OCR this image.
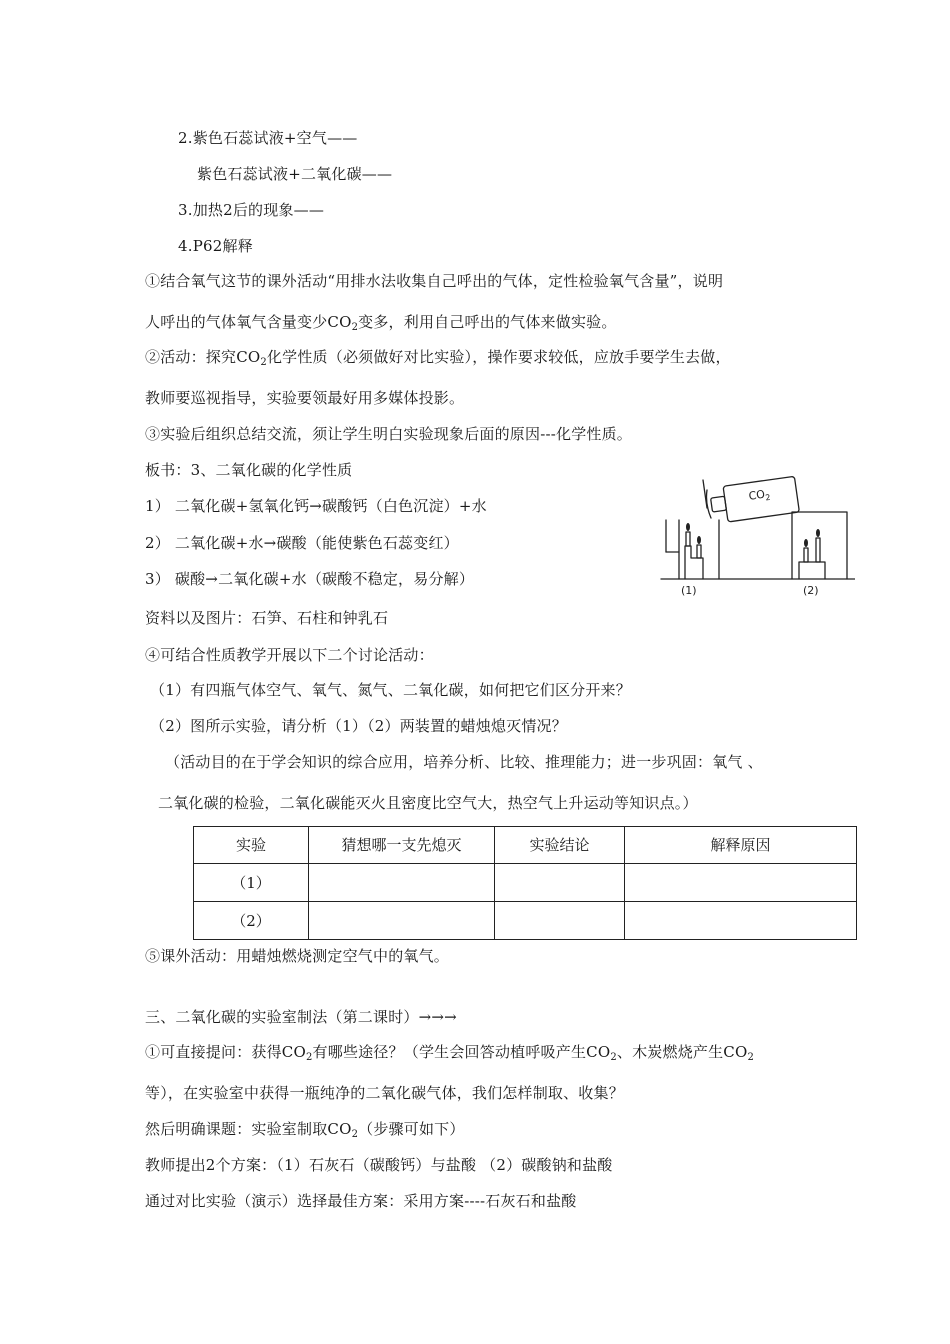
2.紫色石蕊试液+空气——
紫色石蕊试液+二氧化碳——
3.加热2后的现象——
4.P62解释
①结合氧气这节的课外活动“用排水法收集自己呼出的气体，定性检验氧气含量”，说明
人呼出的气体氧气含量变少$CO_2$变多，利用自己呼出的气体来做实验。
②活动：探究$CO_2$化学性质（必须做好对比实验），操作要求较低，应放手要学生去做，
教师要巡视指导，实验要领最好用多媒体投影。
③实验后组织总结交流，须让学生明白实验现象后面的原因---化学性质。
板书：3、二氧化碳的化学性质
1） 二氧化碳+氢氧化钙→碳酸钙（白色沉淀）+水
2） 二氧化碳+水→碳酸（能使紫色石蕊变红）
3） 碳酸→二氧化碳+水（碳酸不稳定，易分解）
资料以及图片：石笋、石柱和钟乳石
④可结合性质教学开展以下二个讨论活动：
（1）有四瓶气体空气、氧气、氮气、二氧化碳，如何把它们区分开来？
（2）图所示实验，请分析（1）（2）两装置的蜡烛熄灭情况？
（活动目的在于学会知识的综合应用，培养分析、比较、推理能力；进一步巩固：氧气 、
二氧化碳的检验，二氧化碳能灭火且密度比空气大，热空气上升运动等知识点。）
实验	猜想哪一支先熄灭	实验结论	解释原因
（1）			
（2）			
⑤课外活动：用蜡烛燃烧测定空气中的氧气。
三、二氧化碳的实验室制法（第二课时）→→→
①可直接提问：获得$CO_2$有哪些途径？（学生会回答动植呼吸产生$CO_2$、木炭燃烧产生$CO_2$
等），在实验室中获得一瓶纯净的二氧化碳气体，我们怎样制取、收集？
然后明确课题：实验室制取$CO_2$（步骤可如下）
教师提出2个方案：（1）石灰石（碳酸钙）与盐酸 （2）碳酸钠和盐酸
通过对比实验（演示）选择最佳方案：采用方案----石灰石和盐酸
$CO_2$
(1)	(2)
